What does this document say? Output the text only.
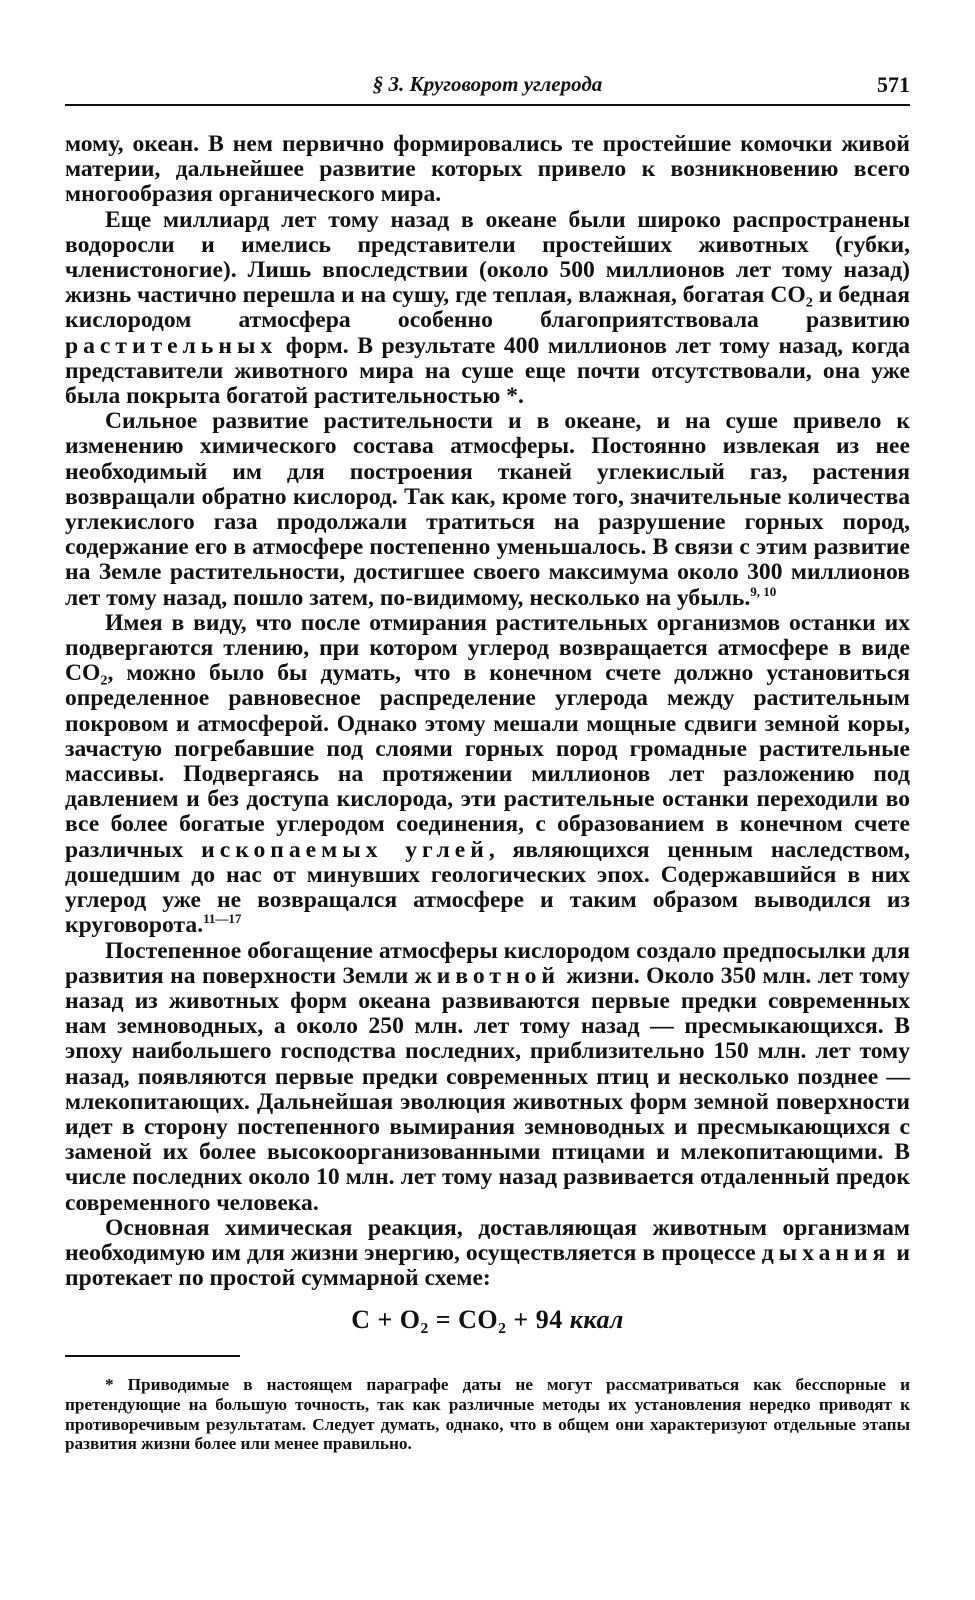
§ 3. Круговорот углерода	571

мому, океан. В нем первично формировались те простейшие комочки живой материи, дальнейшее развитие которых привело к возникновению всего многообразия органического мира.

Еще миллиард лет тому назад в океане были широко распространены водоросли и имелись представители простейших животных (губки, членистоногие). Лишь впоследствии (около 500 миллионов лет тому назад) жизнь частично перешла и на сушу, где теплая, влажная, богатая CO₂ и бедная кислородом атмосфера особенно благоприятствовала развитию растительных форм. В результате 400 миллионов лет тому назад, когда представители животного мира на суше еще почти отсутствовали, она уже была покрыта богатой растительностью *.

Сильное развитие растительности и в океане, и на суше привело к изменению химического состава атмосферы. Постоянно извлекая из нее необходимый им для построения тканей углекислый газ, растения возвращали обратно кислород. Так как, кроме того, значительные количества углекислого газа продолжали тратиться на разрушение горных пород, содержание его в атмосфере постепенно уменьшалось. В связи с этим развитие на Земле растительности, достигшее своего максимума около 300 миллионов лет тому назад, пошло затем, по-видимому, несколько на убыль.$^{9, 10}$

Имея в виду, что после отмирания растительных организмов останки их подвергаются тлению, при котором углерод возвращается атмосфере в виде CO₂, можно было бы думать, что в конечном счете должно установиться определенное равновесное распределение углерода между растительным покровом и атмосферой. Однако этому мешали мощные сдвиги земной коры, зачастую погребавшие под слоями горных пород громадные растительные массивы. Подвергаясь на протяжении миллионов лет разложению под давлением и без доступа кислорода, эти растительные останки переходили во все более богатые углеродом соединения, с образованием в конечном счете различных ископаемых углей, являющихся ценным наследством, дошедшим до нас от минувших геологических эпох. Содержавшийся в них углерод уже не возвращался атмосфере и таким образом выводился из круговорота.$^{11—17}$

Постепенное обогащение атмосферы кислородом создало предпосылки для развития на поверхности Земли животной жизни. Около 350 млн. лет тому назад из животных форм океана развиваются первые предки современных нам земноводных, а около 250 млн. лет тому назад — пресмыкающихся. В эпоху наибольшего господства последних, приблизительно 150 млн. лет тому назад, появляются первые предки современных птиц и несколько позднее — млекопитающих. Дальнейшая эволюция животных форм земной поверхности идет в сторону постепенного вымирания земноводных и пресмыкающихся с заменой их более высокоорганизованными птицами и млекопитающими. В числе последних около 10 млн. лет тому назад развивается отдаленный предок современного человека.

Основная химическая реакция, доставляющая животным организмам необходимую им для жизни энергию, осуществляется в процессе дыхания и протекает по простой суммарной схеме:

C + O₂ = CO₂ + 94 ккал
* Приводимые в настоящем параграфе даты не могут рассматриваться как бесспорные и претендующие на большую точность, так как различные методы их установления нередко приводят к противоречивым результатам. Следует думать, однако, что в общем они характеризуют отдельные этапы развития жизни более или менее правильно.
